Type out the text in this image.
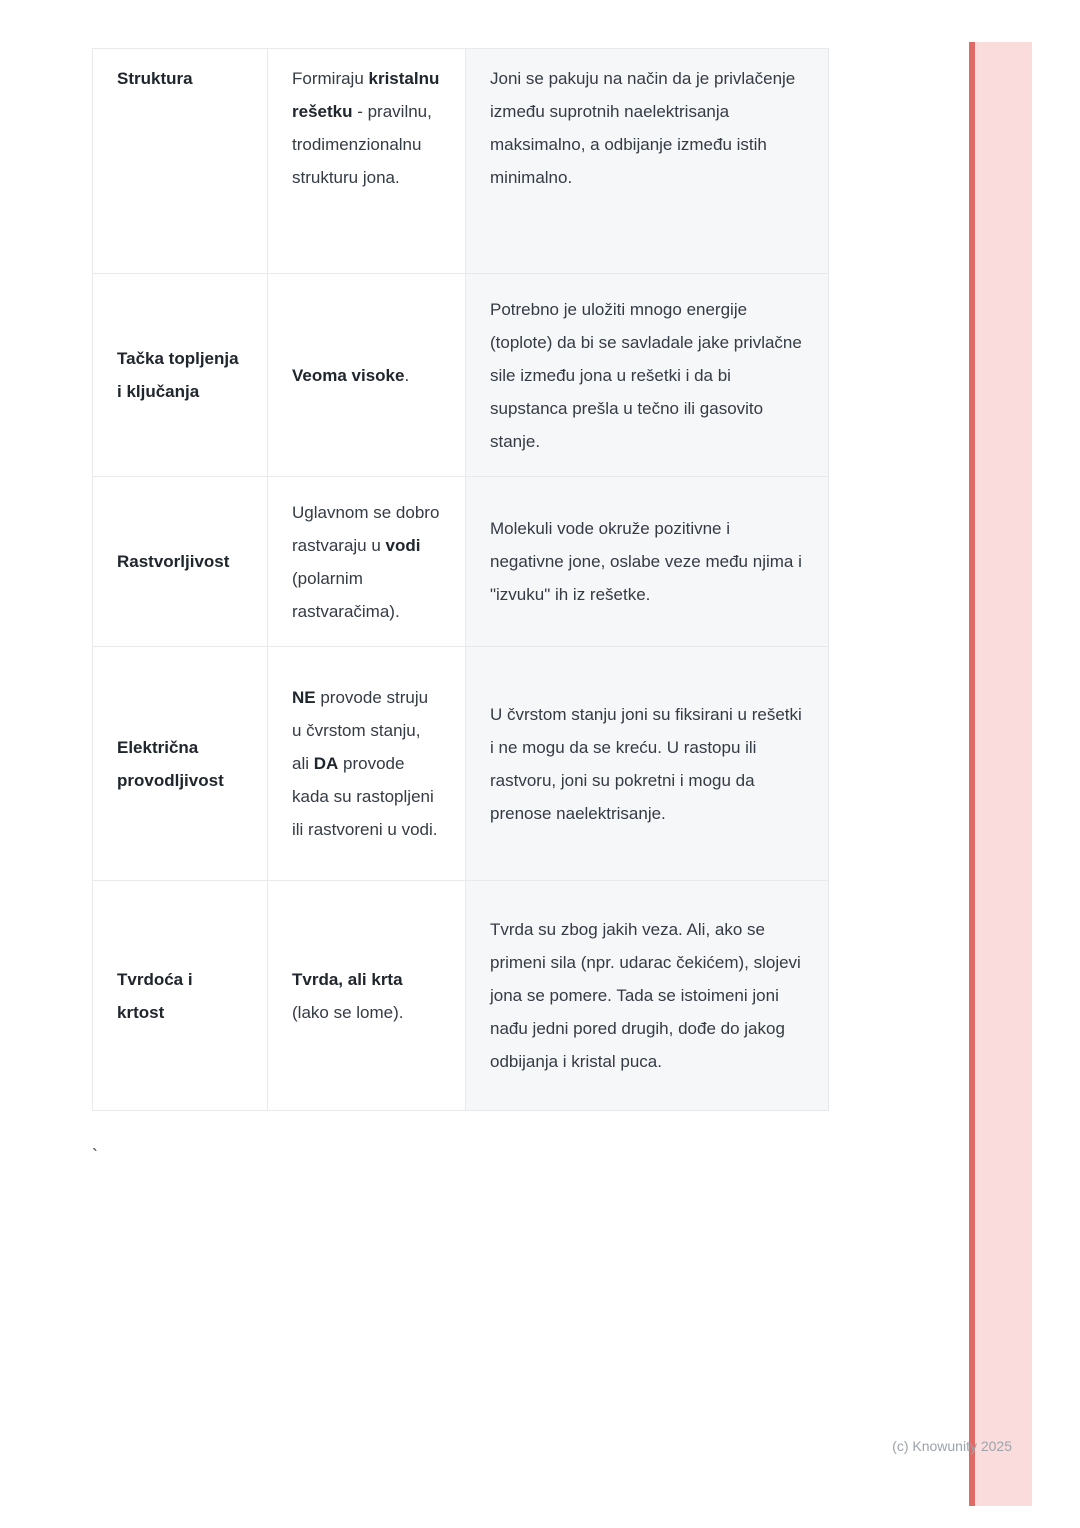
Struktura	Formiraju kristalnu rešetku - pravilnu, trodimenzionalnu strukturu jona.	Joni se pakuju na način da je privlačenje između suprotnih naelektrisanja maksimalno, a odbijanje između istih minimalno.
Tačka topljenja i ključanja	Veoma visoke.	Potrebno je uložiti mnogo energije (toplote) da bi se savladale jake privlačne sile između jona u rešetki i da bi supstanca prešla u tečno ili gasovito stanje.
Rastvorljivost	Uglavnom se dobro rastvaraju u vodi (polarnim rastvaračima).	Molekuli vode okruže pozitivne i negativne jone, oslabe veze među njima i "izvuku" ih iz rešetke.
Električna provodljivost	NE provode struju u čvrstom stanju, ali DA provode kada su rastopljeni ili rastvoreni u vodi.	U čvrstom stanju joni su fiksirani u rešetki i ne mogu da se kreću. U rastopu ili rastvoru, joni su pokretni i mogu da prenose naelektrisanje.
Tvrdoća i krtost	Tvrda, ali krta (lako se lome).	Tvrda su zbog jakih veza. Ali, ako se primeni sila (npr. udarac čekićem), slojevi jona se pomere. Tada se istoimeni joni nađu jedni pored drugih, dođe do jakog odbijanja i kristal puca.
`
(c) Knowunity 2025
